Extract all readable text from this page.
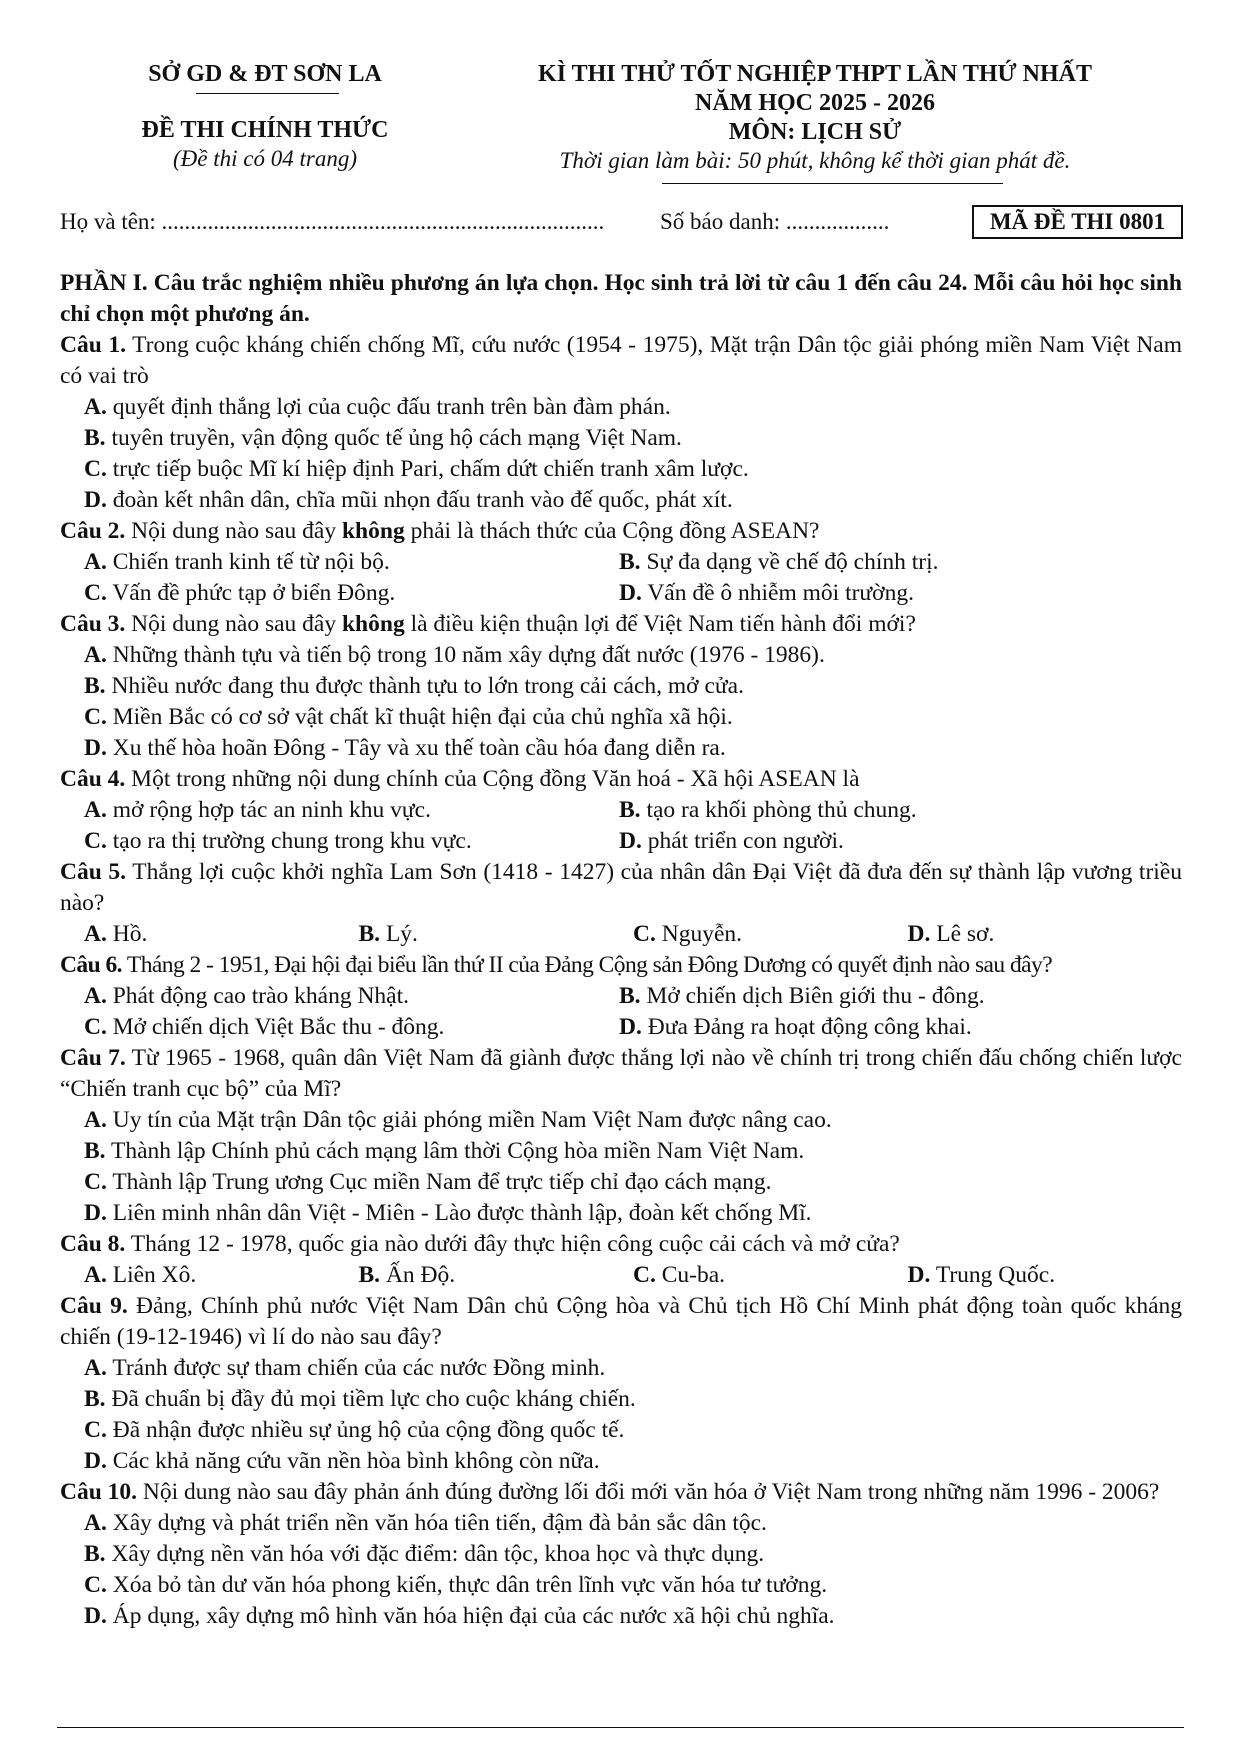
SỞ GD & ĐT SƠN LA
ĐỀ THI CHÍNH THỨC
(Đề thi có 04 trang)
KÌ THI THỬ TỐT NGHIỆP THPT LẦN THỨ NHẤT
NĂM HỌC 2025 - 2026
MÔN: LỊCH SỬ
Thời gian làm bài: 50 phút, không kể thời gian phát đề.
Họ và tên: ............................................................................. Số báo danh: ..................	MÃ ĐỀ THI 0801

PHẦN I. Câu trắc nghiệm nhiều phương án lựa chọn. Học sinh trả lời từ câu 1 đến câu 24. Mỗi câu hỏi học sinh chỉ chọn một phương án.

Câu 1. Trong cuộc kháng chiến chống Mĩ, cứu nước (1954 - 1975), Mặt trận Dân tộc giải phóng miền Nam Việt Nam có vai trò

A. quyết định thắng lợi của cuộc đấu tranh trên bàn đàm phán.
B. tuyên truyền, vận động quốc tế ủng hộ cách mạng Việt Nam.
C. trực tiếp buộc Mĩ kí hiệp định Pari, chấm dứt chiến tranh xâm lược.
D. đoàn kết nhân dân, chĩa mũi nhọn đấu tranh vào đế quốc, phát xít.

Câu 2. Nội dung nào sau đây không phải là thách thức của Cộng đồng ASEAN?

A. Chiến tranh kinh tế từ nội bộ.	B. Sự đa dạng về chế độ chính trị.
C. Vấn đề phức tạp ở biển Đông.	D. Vấn đề ô nhiễm môi trường.

Câu 3. Nội dung nào sau đây không là điều kiện thuận lợi để Việt Nam tiến hành đổi mới?

A. Những thành tựu và tiến bộ trong 10 năm xây dựng đất nước (1976 - 1986).
B. Nhiều nước đang thu được thành tựu to lớn trong cải cách, mở cửa.
C. Miền Bắc có cơ sở vật chất kĩ thuật hiện đại của chủ nghĩa xã hội.
D. Xu thế hòa hoãn Đông - Tây và xu thế toàn cầu hóa đang diễn ra.

Câu 4. Một trong những nội dung chính của Cộng đồng Văn hoá - Xã hội ASEAN là

A. mở rộng hợp tác an ninh khu vực.	B. tạo ra khối phòng thủ chung.
C. tạo ra thị trường chung trong khu vực.	D. phát triển con người.

Câu 5. Thắng lợi cuộc khởi nghĩa Lam Sơn (1418 - 1427) của nhân dân Đại Việt đã đưa đến sự thành lập vương triều nào?

A. Hồ.	B. Lý.	C. Nguyễn.	D. Lê sơ.

Câu 6. Tháng 2 - 1951, Đại hội đại biểu lần thứ II của Đảng Cộng sản Đông Dương có quyết định nào sau đây?

A. Phát động cao trào kháng Nhật.	B. Mở chiến dịch Biên giới thu - đông.
C. Mở chiến dịch Việt Bắc thu - đông.	D. Đưa Đảng ra hoạt động công khai.

Câu 7. Từ 1965 - 1968, quân dân Việt Nam đã giành được thắng lợi nào về chính trị trong chiến đấu chống chiến lược “Chiến tranh cục bộ” của Mĩ?

A. Uy tín của Mặt trận Dân tộc giải phóng miền Nam Việt Nam được nâng cao.
B. Thành lập Chính phủ cách mạng lâm thời Cộng hòa miền Nam Việt Nam.
C. Thành lập Trung ương Cục miền Nam để trực tiếp chỉ đạo cách mạng.
D. Liên minh nhân dân Việt - Miên - Lào được thành lập, đoàn kết chống Mĩ.

Câu 8. Tháng 12 - 1978, quốc gia nào dưới đây thực hiện công cuộc cải cách và mở cửa?

A. Liên Xô.	B. Ấn Độ.	C. Cu-ba.	D. Trung Quốc.

Câu 9. Đảng, Chính phủ nước Việt Nam Dân chủ Cộng hòa và Chủ tịch Hồ Chí Minh phát động toàn quốc kháng chiến (19-12-1946) vì lí do nào sau đây?

A. Tránh được sự tham chiến của các nước Đồng minh.
B. Đã chuẩn bị đầy đủ mọi tiềm lực cho cuộc kháng chiến.
C. Đã nhận được nhiều sự ủng hộ của cộng đồng quốc tế.
D. Các khả năng cứu vãn nền hòa bình không còn nữa.

Câu 10. Nội dung nào sau đây phản ánh đúng đường lối đổi mới văn hóa ở Việt Nam trong những năm 1996 - 2006?

A. Xây dựng và phát triển nền văn hóa tiên tiến, đậm đà bản sắc dân tộc.
B. Xây dựng nền văn hóa với đặc điểm: dân tộc, khoa học và thực dụng.
C. Xóa bỏ tàn dư văn hóa phong kiến, thực dân trên lĩnh vực văn hóa tư tưởng.
D. Áp dụng, xây dựng mô hình văn hóa hiện đại của các nước xã hội chủ nghĩa.
